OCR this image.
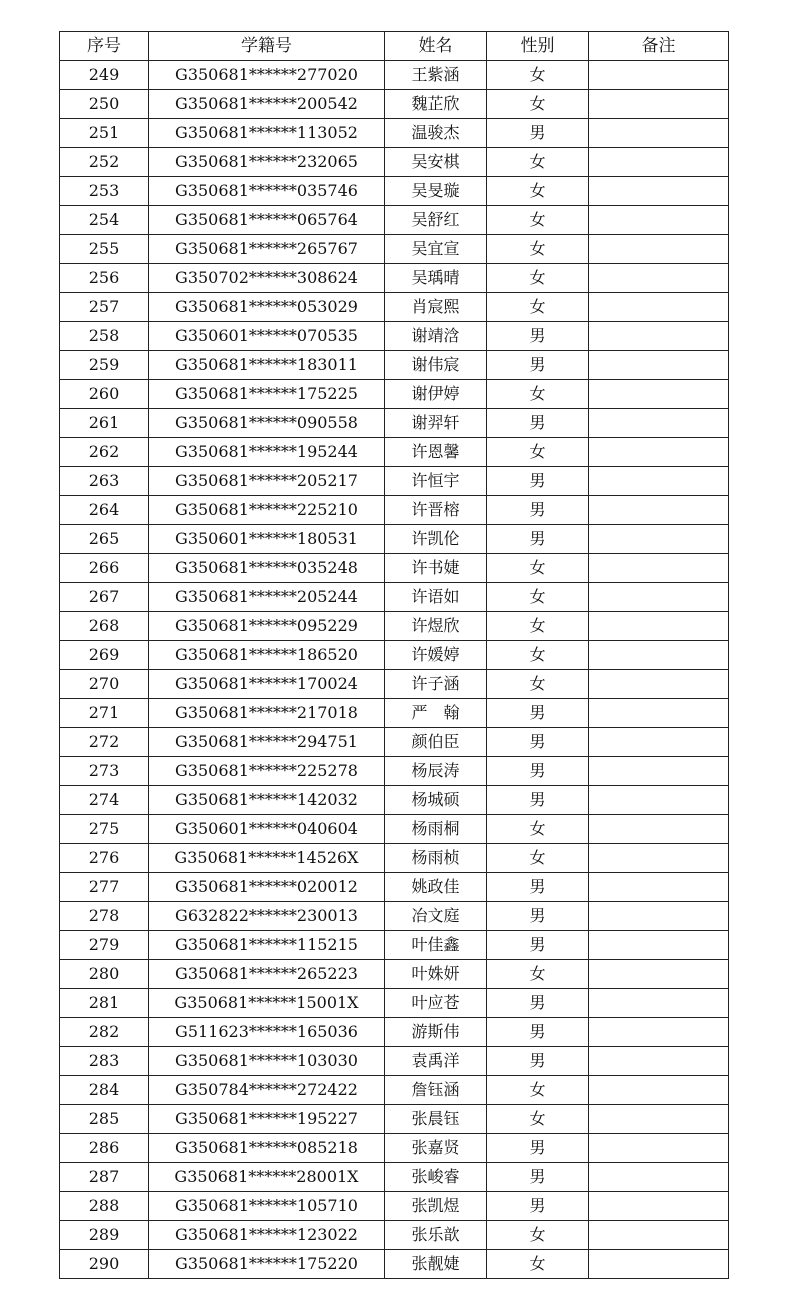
序号	学籍号	姓名	性别	备注
249	G350681******277020	王紫涵	女	
250	G350681******200542	魏芷欣	女	
251	G350681******113052	温骏杰	男	
252	G350681******232065	吴安棋	女	
253	G350681******035746	吴旻璇	女	
254	G350681******065764	吴舒红	女	
255	G350681******265767	吴宜宣	女	
256	G350702******308624	吴瑀晴	女	
257	G350681******053029	肖宸熙	女	
258	G350601******070535	谢靖浛	男	
259	G350681******183011	谢伟宸	男	
260	G350681******175225	谢伊婷	女	
261	G350681******090558	谢羿轩	男	
262	G350681******195244	许恩馨	女	
263	G350681******205217	许恒宇	男	
264	G350681******225210	许晋榕	男	
265	G350601******180531	许凯伦	男	
266	G350681******035248	许书婕	女	
267	G350681******205244	许语如	女	
268	G350681******095229	许煜欣	女	
269	G350681******186520	许媛婷	女	
270	G350681******170024	许子涵	女	
271	G350681******217018	严　翰	男	
272	G350681******294751	颜伯臣	男	
273	G350681******225278	杨辰涛	男	
274	G350681******142032	杨城硕	男	
275	G350601******040604	杨雨桐	女	
276	G350681******14526X	杨雨桢	女	
277	G350681******020012	姚政佳	男	
278	G632822******230013	冶文庭	男	
279	G350681******115215	叶佳鑫	男	
280	G350681******265223	叶姝妍	女	
281	G350681******15001X	叶应苍	男	
282	G511623******165036	游斯伟	男	
283	G350681******103030	袁禹洋	男	
284	G350784******272422	詹钰涵	女	
285	G350681******195227	张晨钰	女	
286	G350681******085218	张嘉贤	男	
287	G350681******28001X	张峻睿	男	
288	G350681******105710	张凯煜	男	
289	G350681******123022	张乐歆	女	
290	G350681******175220	张靓婕	女	
